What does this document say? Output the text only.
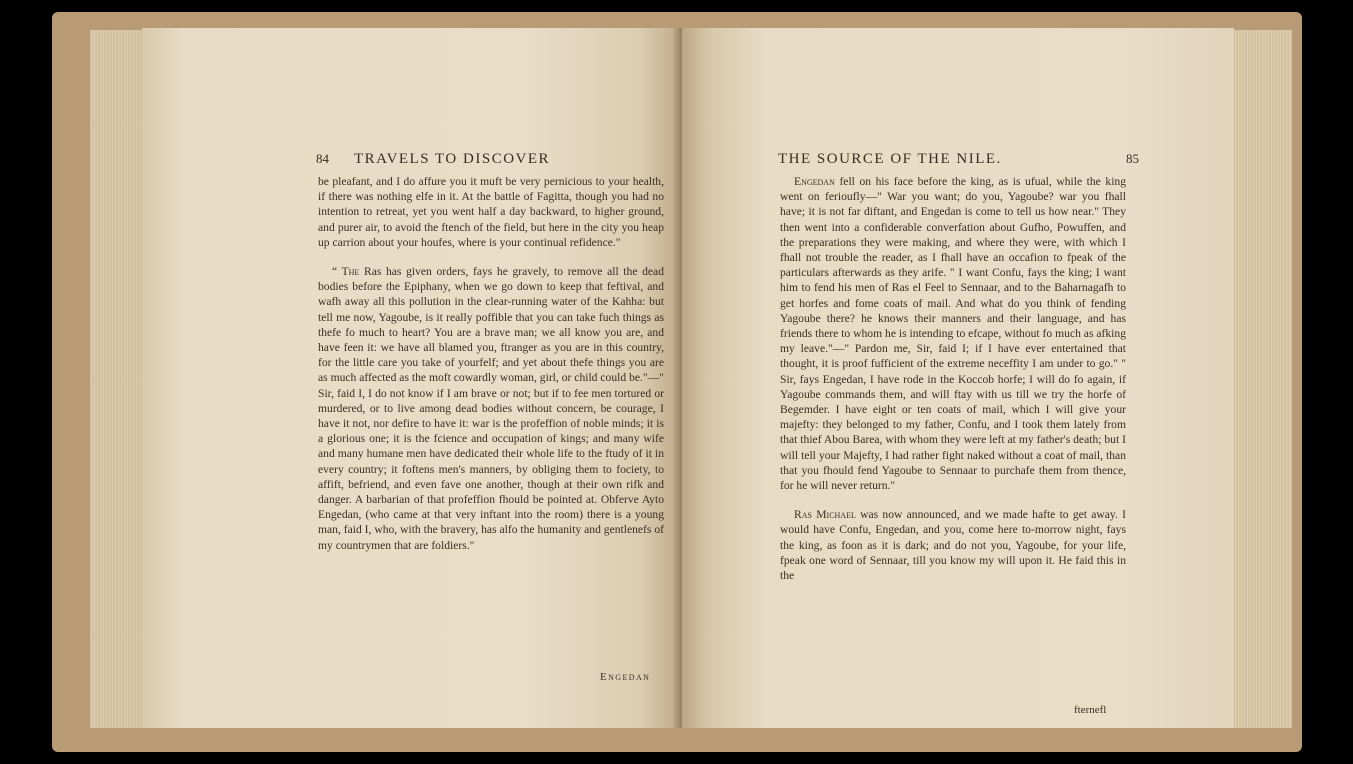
84 TRAVELS TO DISCOVER

be pleafant, and I do affure you it muft be very pernicious to your health, if there was nothing elfe in it. At the battle of Fagitta, though you had no intention to retreat, yet you went half a day backward, to higher ground, and purer air, to avoid the ftench of the field, but here in the city you heap up carrion about your houfes, where is your continual refidence."

“ The Ras has given orders, fays he gravely, to remove all the dead bodies before the Epiphany, when we go down to keep that feftival, and wafh away all this pollution in the clear-running water of the Kahha: but tell me now, Yagoube, is it really poffible that you can take fuch things as thefe fo much to heart? You are a brave man; we all know you are, and have feen it: we have all blamed you, ftranger as you are in this country, for the little care you take of yourfelf; and yet about thefe things you are as much affected as the moft cowardly woman, girl, or child could be."—" Sir, faid I, I do not know if I am brave or not; but if to fee men tortured or murdered, or to live among dead bodies without concern, be courage, I have it not, nor defire to have it: war is the profeffion of noble minds; it is a glorious one; it is the fcience and occupation of kings; and many wife and many humane men have dedicated their whole life to the ftudy of it in every country; it foftens men's manners, by obliging them to fociety, to affift, befriend, and even fave one another, though at their own rifk and danger. A barbarian of that profeffion fhould be pointed at. Obferve Ayto Engedan, (who came at that very inftant into the room) there is a young man, faid I, who, with the bravery, has alfo the humanity and gentlenefs of my countrymen that are foldiers."

Engedan
THE SOURCE OF THE NILE.	85

Engedan fell on his face before the king, as is ufual, while the king went on ferioufly—" War you want; do you, Yagoube? war you fhall have; it is not far diftant, and Engedan is come to tell us how near." They then went into a confiderable converfation about Gufho, Powuffen, and the preparations they were making, and where they were, with which I fhall not trouble the reader, as I fhall have an occafion to fpeak of the particulars afterwards as they arife. " I want Confu, fays the king; I want him to fend his men of Ras el Feel to Sennaar, and to the Baharnagafh to get horfes and fome coats of mail. And what do you think of fending Yagoube there? he knows their manners and their language, and has friends there to whom he is intending to efcape, without fo much as afking my leave."—" Pardon me, Sir, faid I; if I have ever entertained that thought, it is proof fufficient of the extreme neceffity I am under to go." " Sir, fays Engedan, I have rode in the Koccob horfe; I will do fo again, if Yagoube commands them, and will ftay with us till we try the horfe of Begemder. I have eight or ten coats of mail, which I will give your majefty: they belonged to my father, Confu, and I took them lately from that thief Abou Barea, with whom they were left at my father's death; but I will tell your Majefty, I had rather fight naked without a coat of mail, than that you fhould fend Yagoube to Sennaar to purchafe them from thence, for he will never return."

Ras Michael was now announced, and we made hafte to get away. I would have Confu, Engedan, and you, come here to-morrow night, fays the king, as foon as it is dark; and do not you, Yagoube, for your life, fpeak one word of Sennaar, till you know my will upon it. He faid this in the

fternefl
